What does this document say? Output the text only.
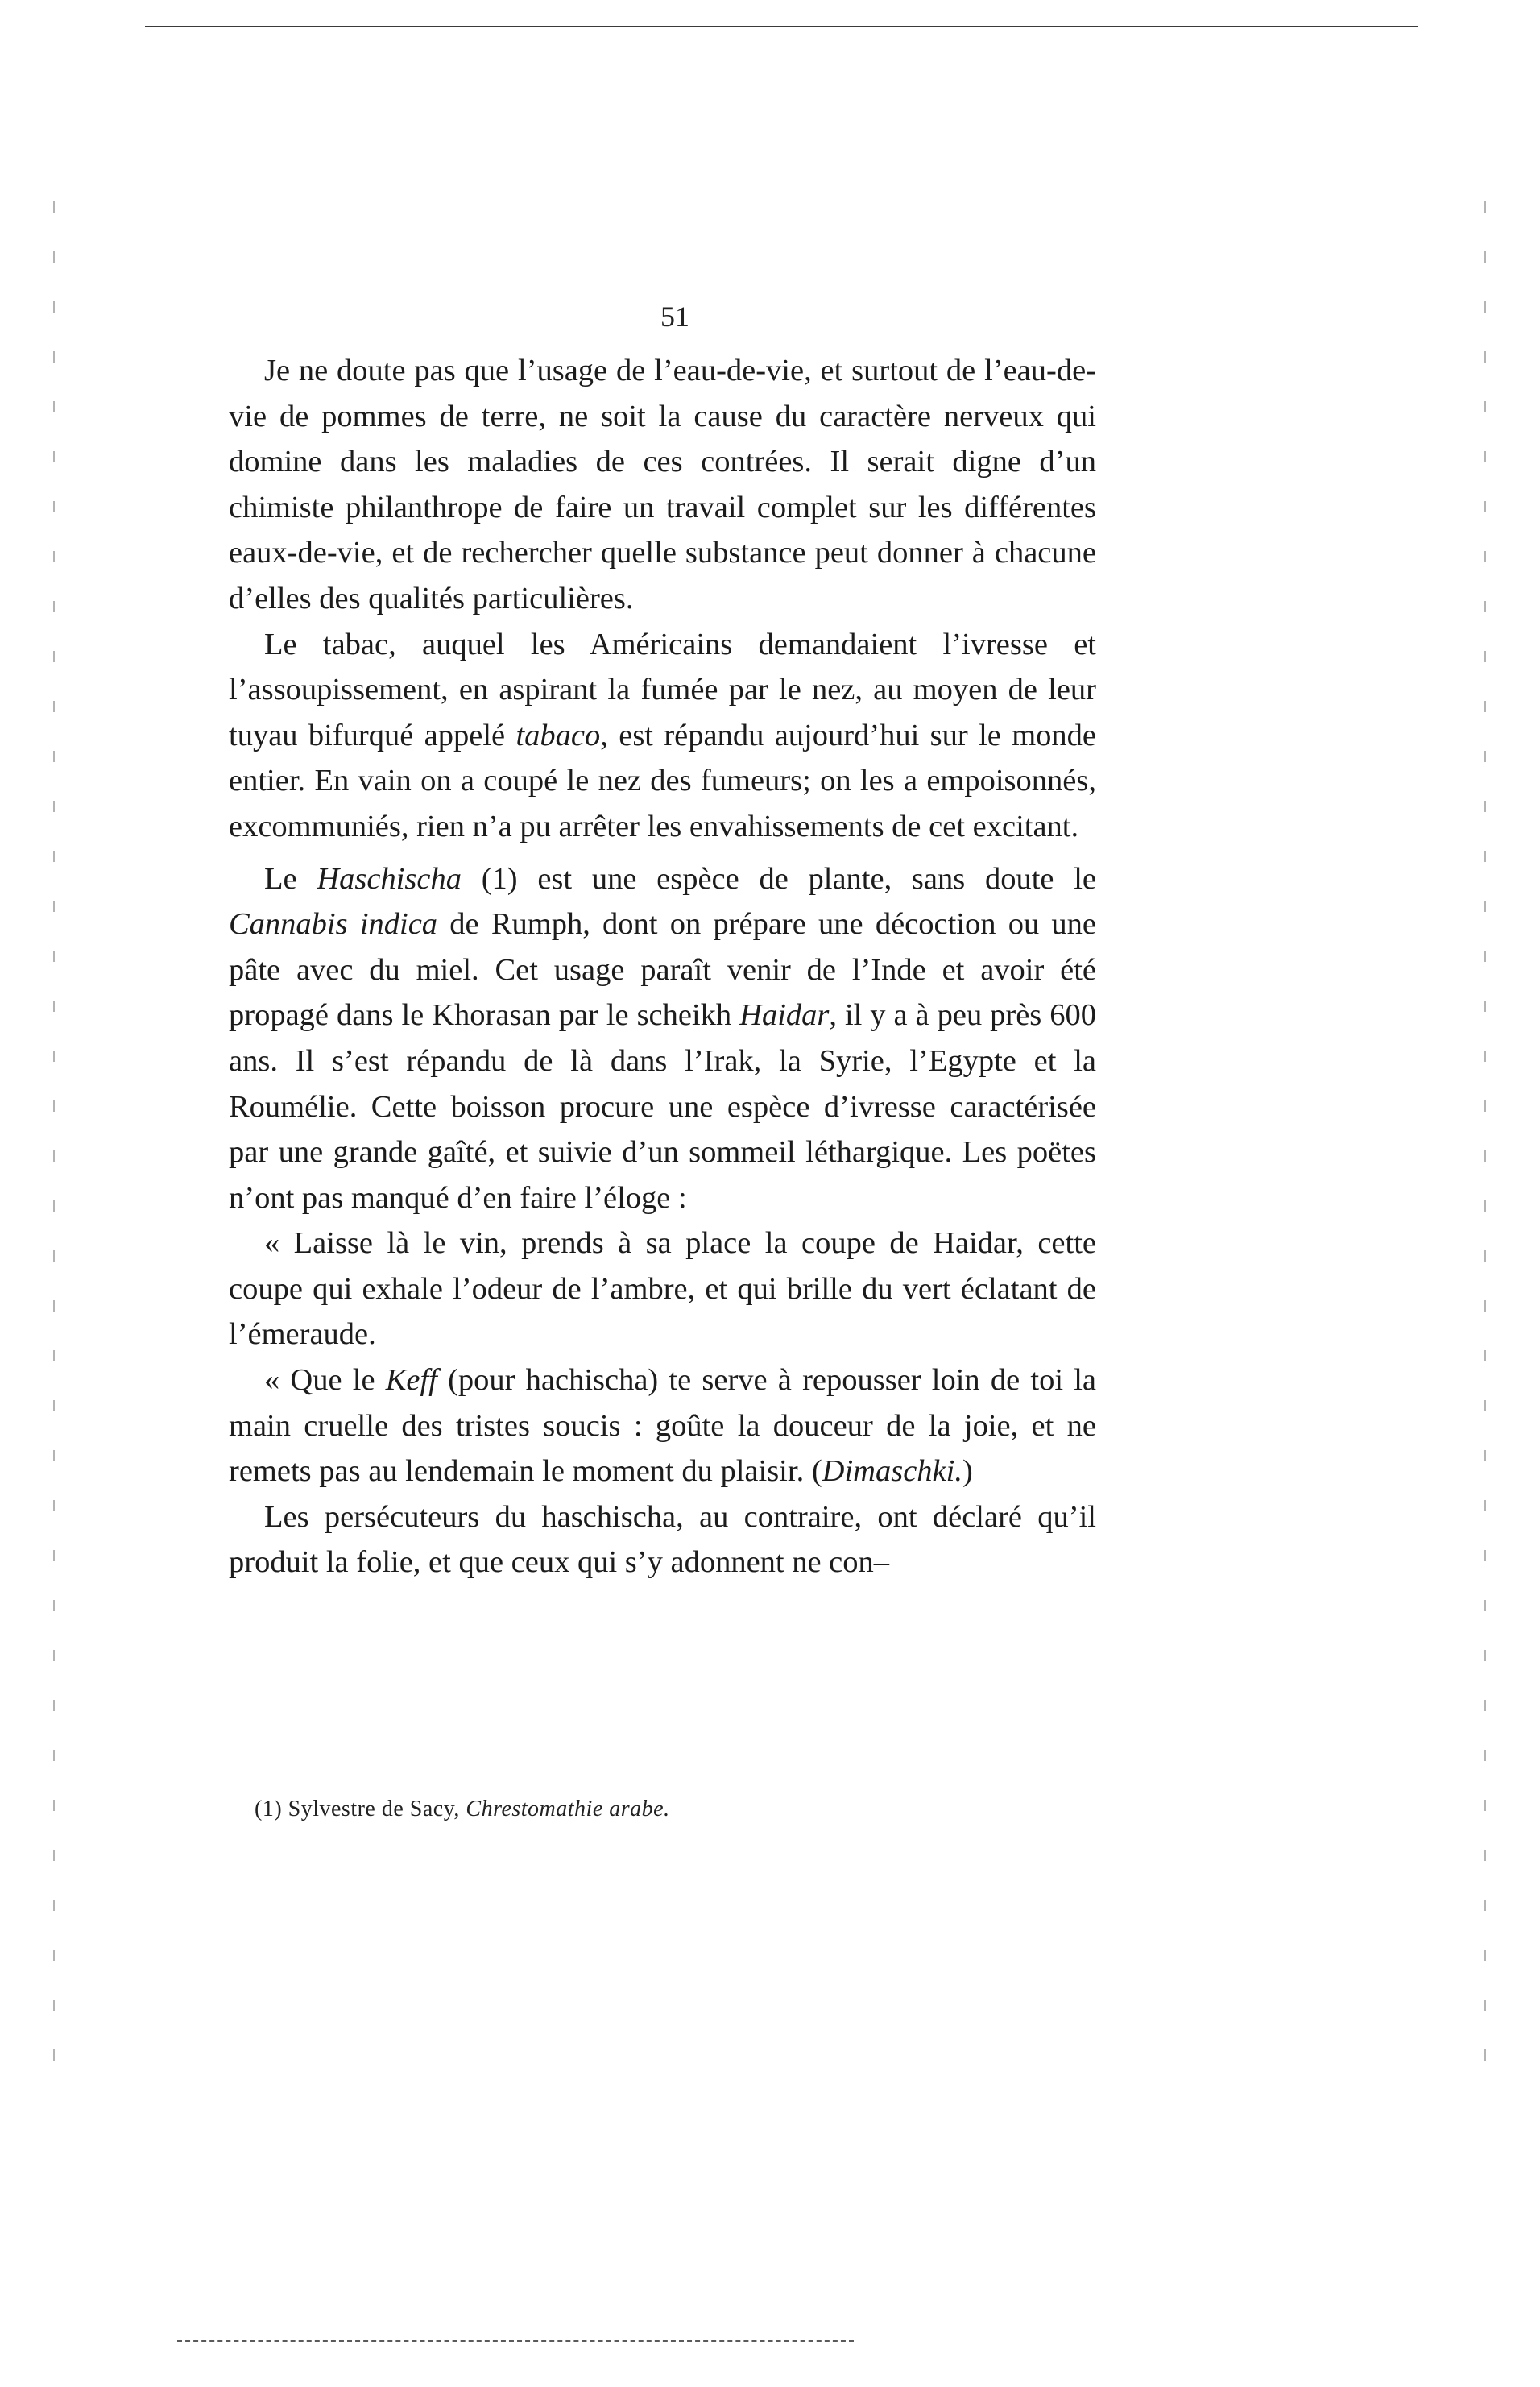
51

Je ne doute pas que l’usage de l’eau-de-vie, et surtout de l’eau-de-vie de pommes de terre, ne soit la cause du caractère nerveux qui domine dans les maladies de ces contrées. Il serait digne d’un chimiste philanthrope de faire un travail complet sur les différentes eaux-de-vie, et de rechercher quelle substance peut donner à chacune d’elles des qualités particulières.

Le tabac, auquel les Américains demandaient l’ivresse et l’assoupissement, en aspirant la fumée par le nez, au moyen de leur tuyau bifurqué appelé tabaco, est répandu aujourd’hui sur le monde entier. En vain on a coupé le nez des fumeurs; on les a empoisonnés, excommuniés, rien n’a pu arrêter les envahissements de cet excitant.

Le Haschischa (1) est une espèce de plante, sans doute le Cannabis indica de Rumph, dont on prépare une décoction ou une pâte avec du miel. Cet usage paraît venir de l’Inde et avoir été propagé dans le Khorasan par le scheikh Haidar, il y a à peu près 600 ans. Il s’est répandu de là dans l’Irak, la Syrie, l’Egypte et la Roumélie. Cette boisson procure une espèce d’ivresse caractérisée par une grande gaîté, et suivie d’un sommeil léthargique. Les poëtes n’ont pas manqué d’en faire l’éloge :

« Laisse là le vin, prends à sa place la coupe de Haidar, cette coupe qui exhale l’odeur de l’ambre, et qui brille du vert éclatant de l’émeraude.

« Que le Keff (pour hachischa) te serve à repousser loin de toi la main cruelle des tristes soucis : goûte la douceur de la joie, et ne remets pas au lendemain le moment du plaisir. (Dimaschki.)

Les persécuteurs du haschischa, au contraire, ont déclaré qu’il produit la folie, et que ceux qui s’y adonnent ne con–

(1) Sylvestre de Sacy, Chrestomathie arabe.
